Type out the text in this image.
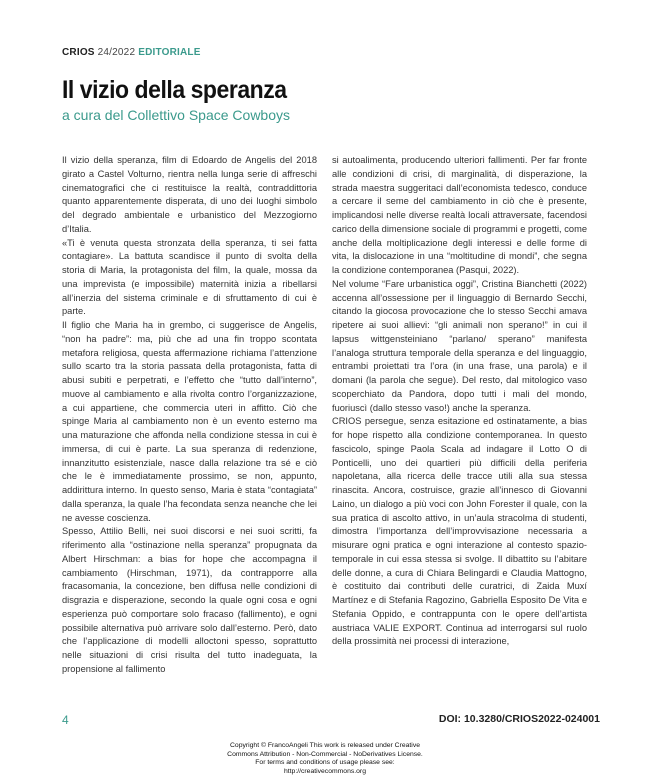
CRIOS 24/2022 EDITORIALE
Il vizio della speranza
a cura del Collettivo Space Cowboys

Il vizio della speranza, film di Edoardo de Angelis del 2018 girato a Castel Volturno, rientra nella lunga serie di affreschi cinematografici che ci restituisce la realtà, contraddittoria quanto apparentemente disperata, di uno dei luoghi simbolo del degrado ambientale e urbanistico del Mezzogiorno d’Italia.

«Ti è venuta questa stronzata della speranza, ti sei fatta contagiare». La battuta scandisce il punto di svolta della storia di Maria, la protagonista del film, la quale, mossa da una imprevista (e impossibile) maternità inizia a ribellarsi all’inerzia del sistema criminale e di sfruttamento di cui è parte.

Il figlio che Maria ha in grembo, ci suggerisce de Angelis, “non ha padre”: ma, più che ad una fin troppo scontata metafora religiosa, questa affermazione richiama l’attenzione sullo scarto tra la storia passata della protagonista, fatta di abusi subiti e perpetrati, e l’effetto che “tutto dall’interno”, muove al cambiamento e alla rivolta contro l’organizzazione, a cui appartiene, che commercia uteri in affitto. Ciò che spinge Maria al cambiamento non è un evento esterno ma una maturazione che affonda nella condizione stessa in cui è immersa, di cui è parte. La sua speranza di redenzione, innanzitutto esistenziale, nasce dalla relazione tra sé e ciò che le è immediatamente prossimo, se non, appunto, addirittura interno. In questo senso, Maria è stata “contagiata” dalla speranza, la quale l’ha fecondata senza neanche che lei ne avesse coscienza.

Spesso, Attilio Belli, nei suoi discorsi e nei suoi scritti, fa riferimento alla “ostinazione nella speranza” propugnata da Albert Hirschman: a bias for hope che accompagna il cambiamento (Hirschman, 1971), da contrapporre alla fracasomania, la concezione, ben diffusa nelle condizioni di disgrazia e disperazione, secondo la quale ogni cosa e ogni esperienza può comportare solo fracaso (fallimento), e ogni possibile alternativa può arrivare solo dall’esterno. Però, dato che l’applicazione di modelli alloctoni spesso, soprattutto nelle situazioni di crisi risulta del tutto inadeguata, la propensione al fallimento

si autoalimenta, producendo ulteriori fallimenti. Per far fronte alle condizioni di crisi, di marginalità, di disperazione, la strada maestra suggeritaci dall’economista tedesco, conduce a cercare il seme del cambiamento in ciò che è presente, implicandosi nelle diverse realtà locali attraversate, facendosi carico della dimensione sociale di programmi e progetti, come anche della moltiplicazione degli interessi e delle forme di vita, la dislocazione in una “moltitudine di mondi”, che segna la condizione contemporanea (Pasqui, 2022).

Nel volume “Fare urbanistica oggi”, Cristina Bianchetti (2022) accenna all’ossessione per il linguaggio di Bernardo Secchi, citando la giocosa provocazione che lo stesso Secchi amava ripetere ai suoi allievi: “gli animali non sperano!” in cui il lapsus wittgensteiniano “parlano/ sperano” manifesta l’analoga struttura temporale della speranza e del linguaggio, entrambi proiettati tra l’ora (in una frase, una parola) e il domani (la parola che segue). Del resto, dal mitologico vaso scoperchiato da Pandora, dopo tutti i mali del mondo, fuoriuscì (dallo stesso vaso!) anche la speranza.

CRIOS persegue, senza esitazione ed ostinatamente, a bias for hope rispetto alla condizione contemporanea. In questo fascicolo, spinge Paola Scala ad indagare il Lotto O di Ponticelli, uno dei quartieri più difficili della periferia napoletana, alla ricerca delle tracce utili alla sua stessa rinascita. Ancora, costruisce, grazie all’innesco di Giovanni Laino, un dialogo a più voci con John Forester il quale, con la sua pratica di ascolto attivo, in un’aula stracolma di studenti, dimostra l’importanza dell’improvvisazione necessaria a misurare ogni pratica e ogni interazione al contesto spazio-temporale in cui essa stessa si svolge. Il dibattito su l’abitare delle donne, a cura di Chiara Belingardi e Claudia Mattogno, è costituito dai contributi delle curatrici, di Zaida Muxí Martínez e di Stefania Ragozino, Gabriella Esposito De Vita e Stefania Oppido, e contrappunta con le opere dell’artista austriaca VALIE EXPORT. Continua ad interrogarsi sul ruolo della prossimità nei processi di interazione,

4	DOI: 10.3280/CRIOS2022-024001
Copyright © FrancoAngeli This work is released under Creative
Commons Attribution - Non-Commercial - NoDerivatives License.
For terms and conditions of usage please see:
http://creativecommons.org
